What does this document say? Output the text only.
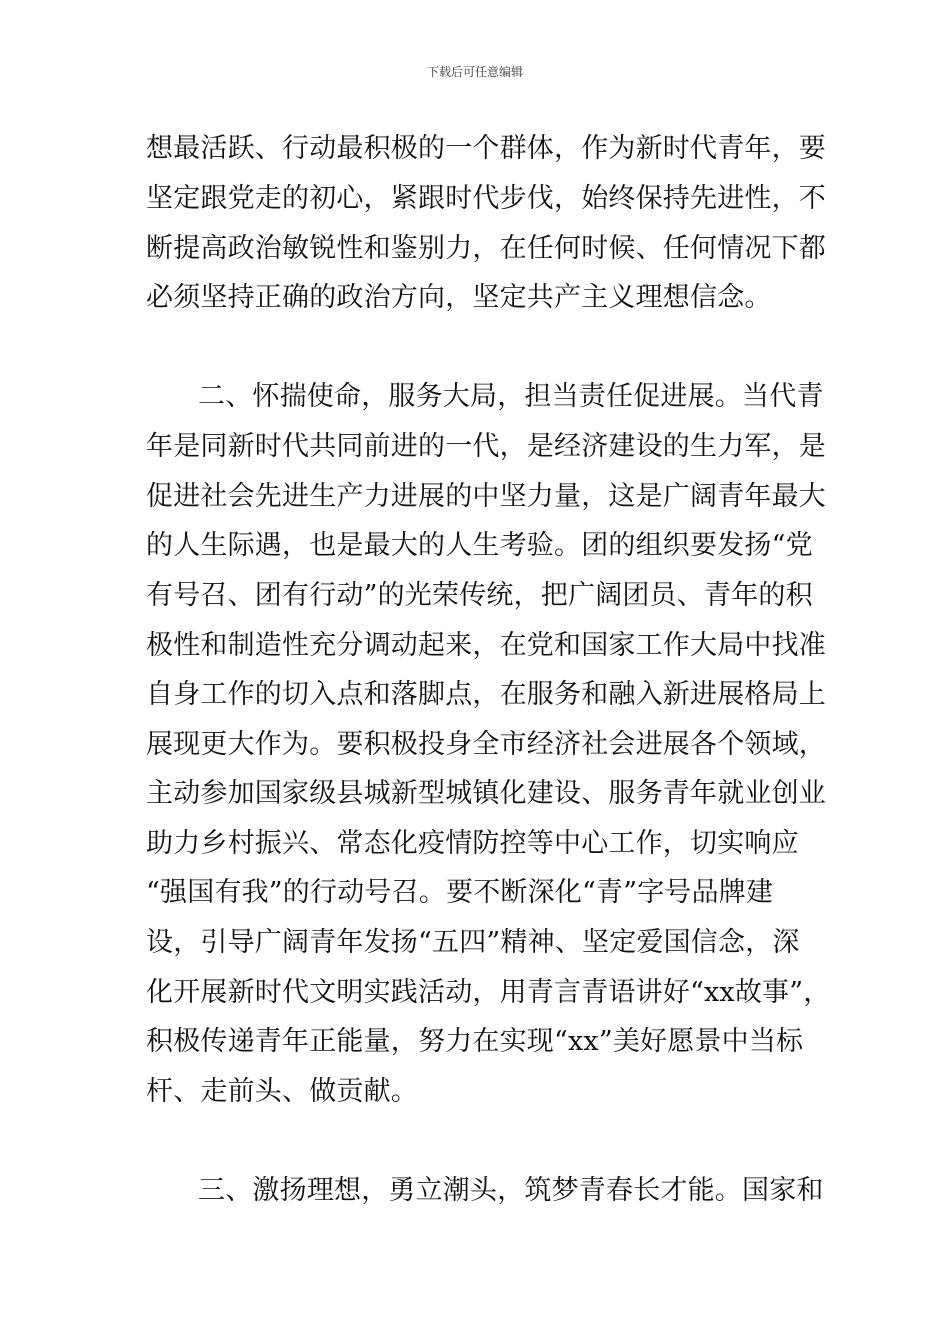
下载后可任意编辑
想最活跃、行动最积极的一个群体，作为新时代青年，要
坚定跟党走的初心，紧跟时代步伐，始终保持先进性，不
断提高政治敏锐性和鉴别力，在任何时候、任何情况下都
必须坚持正确的政治方向，坚定共产主义理想信念。
二、怀揣使命，服务大局，担当责任促进展。当代青
年是同新时代共同前进的一代，是经济建设的生力军，是
促进社会先进生产力进展的中坚力量，这是广阔青年最大
的人生际遇，也是最大的人生考验。团的组织要发扬“党
有号召、团有行动”的光荣传统，把广阔团员、青年的积
极性和制造性充分调动起来，在党和国家工作大局中找准
自身工作的切入点和落脚点，在服务和融入新进展格局上
展现更大作为。要积极投身全市经济社会进展各个领域，
主动参加国家级县城新型城镇化建设、服务青年就业创业
助力乡村振兴、常态化疫情防控等中心工作，切实响应
“强国有我”的行动号召。要不断深化“青”字号品牌建
设，引导广阔青年发扬“五四”精神、坚定爱国信念，深
化开展新时代文明实践活动，用青言青语讲好“xx故事”，
积极传递青年正能量，努力在实现“xx”美好愿景中当标
杆、走前头、做贡献。
三、激扬理想，勇立潮头，筑梦青春长才能。国家和
